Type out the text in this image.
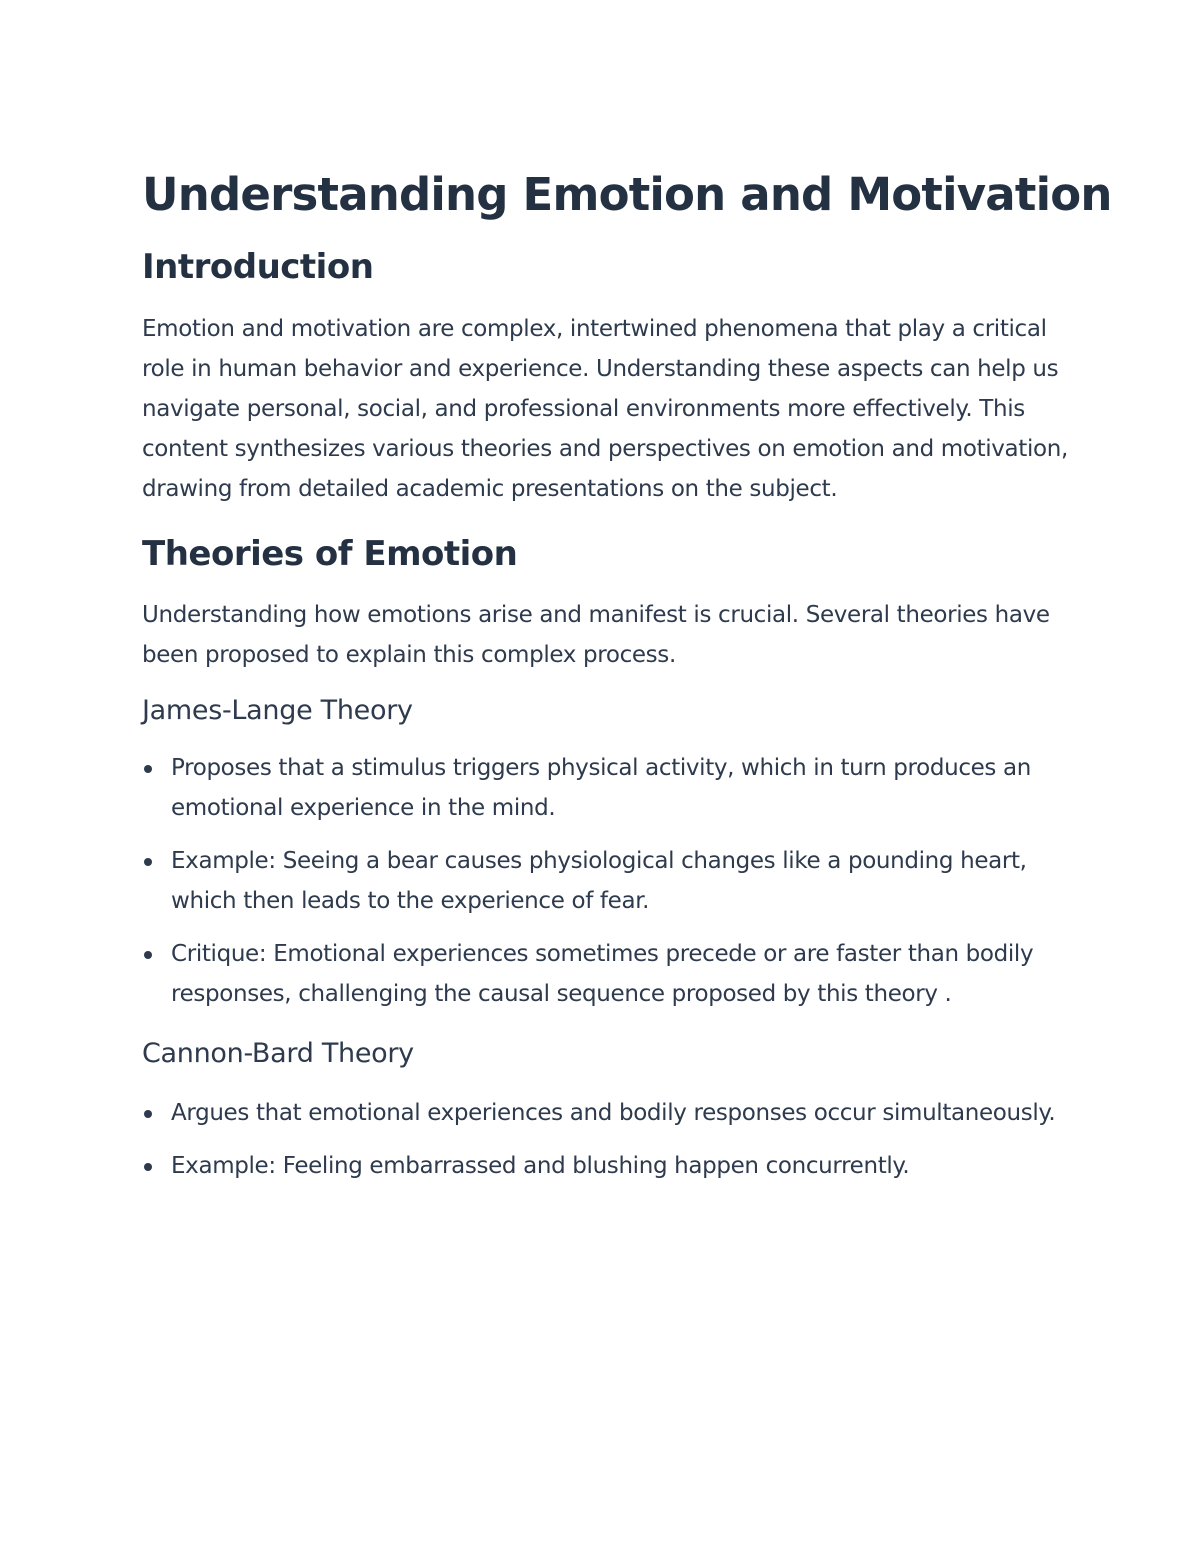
Understanding Emotion and Motivation
Introduction

Emotion and motivation are complex, intertwined phenomena that play a critical role in human behavior and experience. Understanding these aspects can help us navigate personal, social, and professional environments more effectively. This content synthesizes various theories and perspectives on emotion and motivation, drawing from detailed academic presentations on the subject.

Theories of Emotion

Understanding how emotions arise and manifest is crucial. Several theories have been proposed to explain this complex process.

James-Lange Theory
Proposes that a stimulus triggers physical activity, which in turn produces an emotional experience in the mind.
Example: Seeing a bear causes physiological changes like a pounding heart, which then leads to the experience of fear.
Critique: Emotional experiences sometimes precede or are faster than bodily responses, challenging the causal sequence proposed by this theory .
Cannon-Bard Theory
Argues that emotional experiences and bodily responses occur simultaneously.
Example: Feeling embarrassed and blushing happen concurrently.
